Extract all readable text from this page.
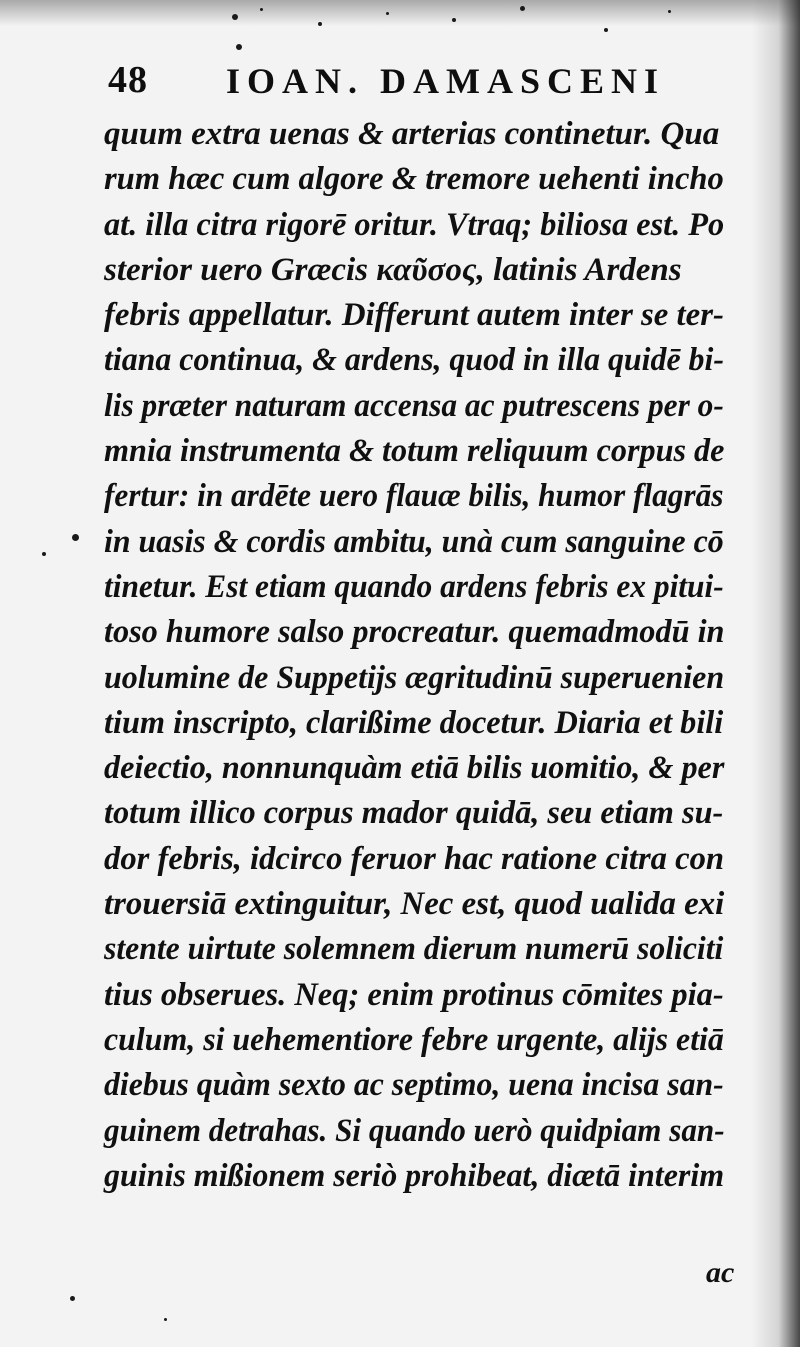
48 IOAN. DAMASCENI
quum extra uenas & arterias continetur. Qua
rum hæc cum algore & tremore uehenti incho
at. illa citra rigorē oritur. Vtraq; biliosa est. Po
sterior uero Græcis καῦσος, latinis Ardens
febris appellatur. Differunt autem inter se ter-
tiana continua, & ardens, quod in illa quidē bi-
lis præter naturam accensa ac putrescens per o-
mnia instrumenta & totum reliquum corpus de
fertur: in ardēte uero flauæ bilis, humor flagrās
in uasis & cordis ambitu, unà cum sanguine cō
tinetur. Est etiam quando ardens febris ex pitui-
toso humore salso procreatur. quemadmodū in
uolumine de Suppetijs ægritudinū superuenien
tium inscripto, clarißime docetur. Diaria et bili
deiectio, nonnunquàm etiā bilis uomitio, & per
totum illico corpus mador quidā, seu etiam su-
dor febris, idcirco feruor hac ratione citra con
trouersiā extinguitur, Nec est, quod ualida exi
stente uirtute solemnem dierum numerū soliciti
tius obserues. Neq; enim protinus cōmites pia-
culum, si uehementiore febre urgente, alijs etiā
diebus quàm sexto ac septimo, uena incisa san-
guinem detrahas. Si quando uerò quidpiam san-
guinis mißionem seriò prohibeat, diætā interim
ac
